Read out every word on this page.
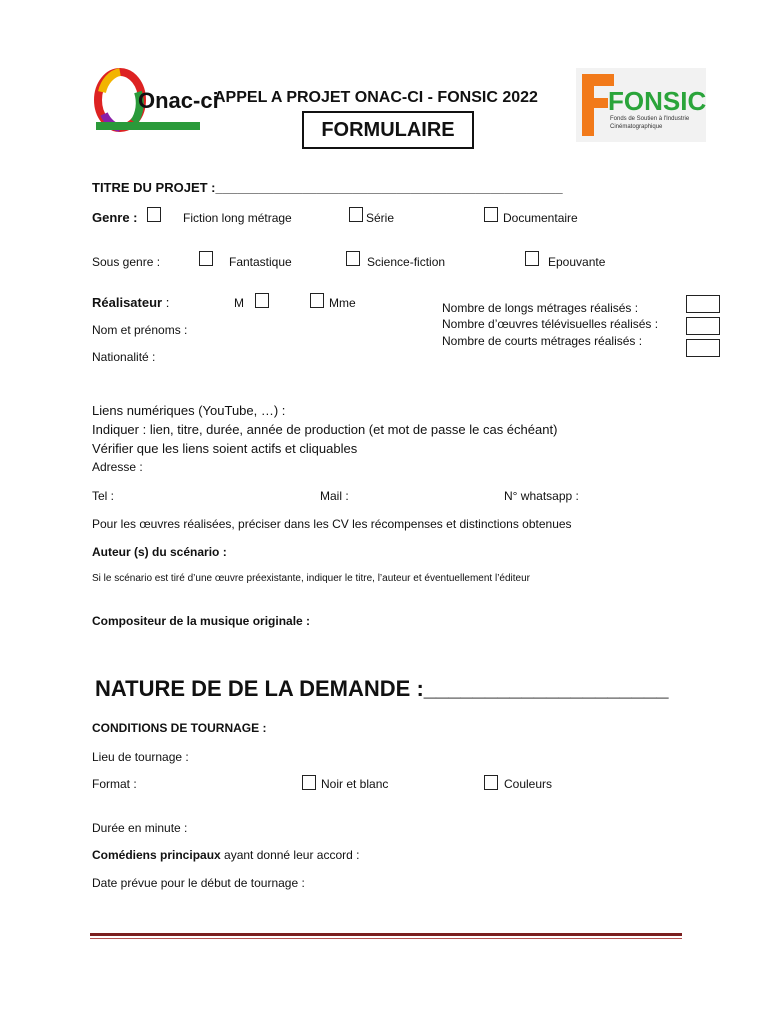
Onac-ci
APPEL A PROJET ONAC-CI - FONSIC 2022
FORMULAIRE
FONSIC
Fonds de Soutien à l'Industrie
Cinématographique
TITRE DU PROJET :________________________________________________
Genre :	Fiction long métrage	Série	Documentaire
Sous genre :	Fantastique	Science-fiction	Epouvante
Réalisateur :	M	Mme
Nom et prénoms :
Nationalité :
Nombre de longs métrages réalisés :
Nombre d’œuvres télévisuelles réalisés :
Nombre de courts métrages réalisés :
Liens numériques (YouTube, …) :
Indiquer : lien, titre, durée, année de production (et mot de passe le cas échéant)
Vérifier que les liens soient actifs et cliquables
Adresse :
Tel :	Mail :	N° whatsapp :
Pour les œuvres réalisées, préciser dans les CV les récompenses et distinctions obtenues
Auteur (s) du scénario :
Si le scénario est tiré d’une œuvre préexistante, indiquer le titre, l’auteur et éventuellement l’éditeur
Compositeur de la musique originale :
NATURE DE DE LA DEMANDE :____________________
CONDITIONS DE TOURNAGE :
Lieu de tournage :
Format :	Noir et blanc	Couleurs
Durée en minute :
Comédiens principaux ayant donné leur accord :
Date prévue pour le début de tournage :
